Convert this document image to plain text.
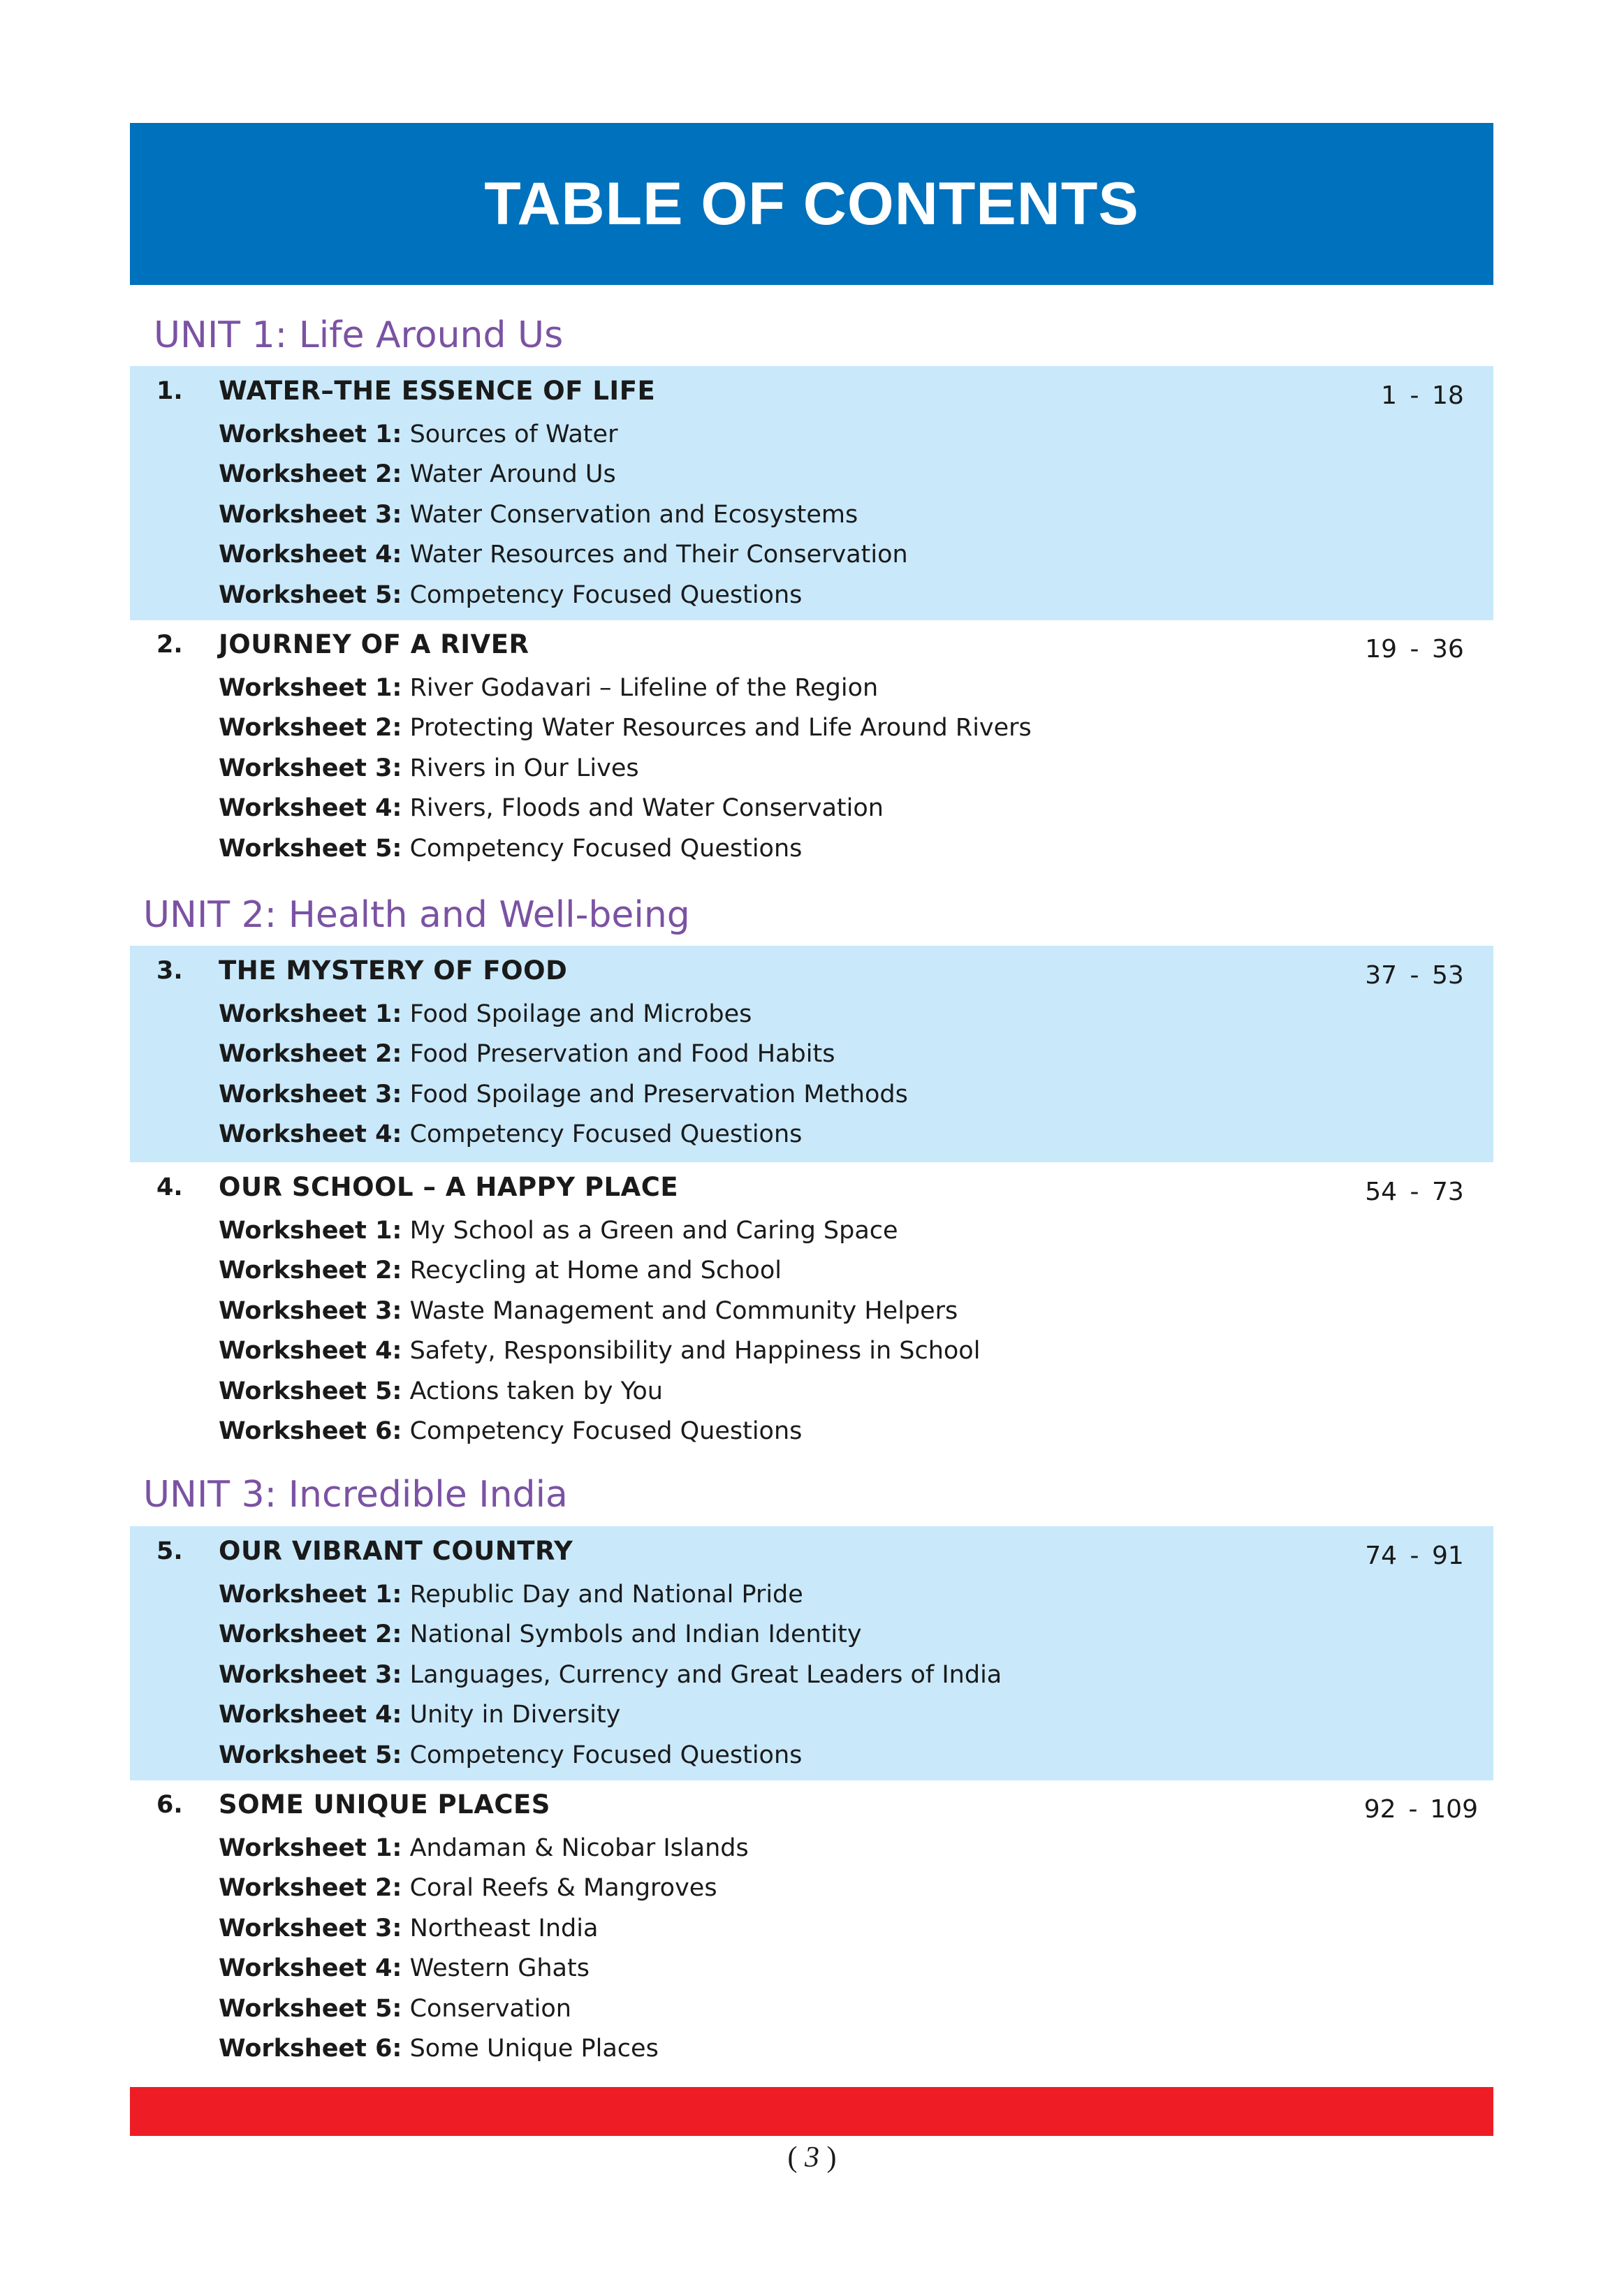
TABLE OF CONTENTS
UNIT 1: Life Around Us
1. WATER–THE ESSENCE OF LIFE	1 - 18
Worksheet 1: Sources of Water
Worksheet 2: Water Around Us
Worksheet 3: Water Conservation and Ecosystems
Worksheet 4: Water Resources and Their Conservation
Worksheet 5: Competency Focused Questions
2. JOURNEY OF A RIVER	19 - 36
Worksheet 1: River Godavari – Lifeline of the Region
Worksheet 2: Protecting Water Resources and Life Around Rivers
Worksheet 3: Rivers in Our Lives
Worksheet 4: Rivers, Floods and Water Conservation
Worksheet 5: Competency Focused Questions
UNIT 2: Health and Well-being
3. THE MYSTERY OF FOOD	37 - 53
Worksheet 1: Food Spoilage and Microbes
Worksheet 2: Food Preservation and Food Habits
Worksheet 3: Food Spoilage and Preservation Methods
Worksheet 4: Competency Focused Questions
4. OUR SCHOOL – A HAPPY PLACE	54 - 73
Worksheet 1: My School as a Green and Caring Space
Worksheet 2: Recycling at Home and School
Worksheet 3: Waste Management and Community Helpers
Worksheet 4: Safety, Responsibility and Happiness in School
Worksheet 5: Actions taken by You
Worksheet 6: Competency Focused Questions
UNIT 3: Incredible India
5. OUR VIBRANT COUNTRY	74 - 91
Worksheet 1: Republic Day and National Pride
Worksheet 2: National Symbols and Indian Identity
Worksheet 3: Languages, Currency and Great Leaders of India
Worksheet 4: Unity in Diversity
Worksheet 5: Competency Focused Questions
6. SOME UNIQUE PLACES	92 - 109
Worksheet 1: Andaman & Nicobar Islands
Worksheet 2: Coral Reefs & Mangroves
Worksheet 3: Northeast India
Worksheet 4: Western Ghats
Worksheet 5: Conservation
Worksheet 6: Some Unique Places
( 3 )
